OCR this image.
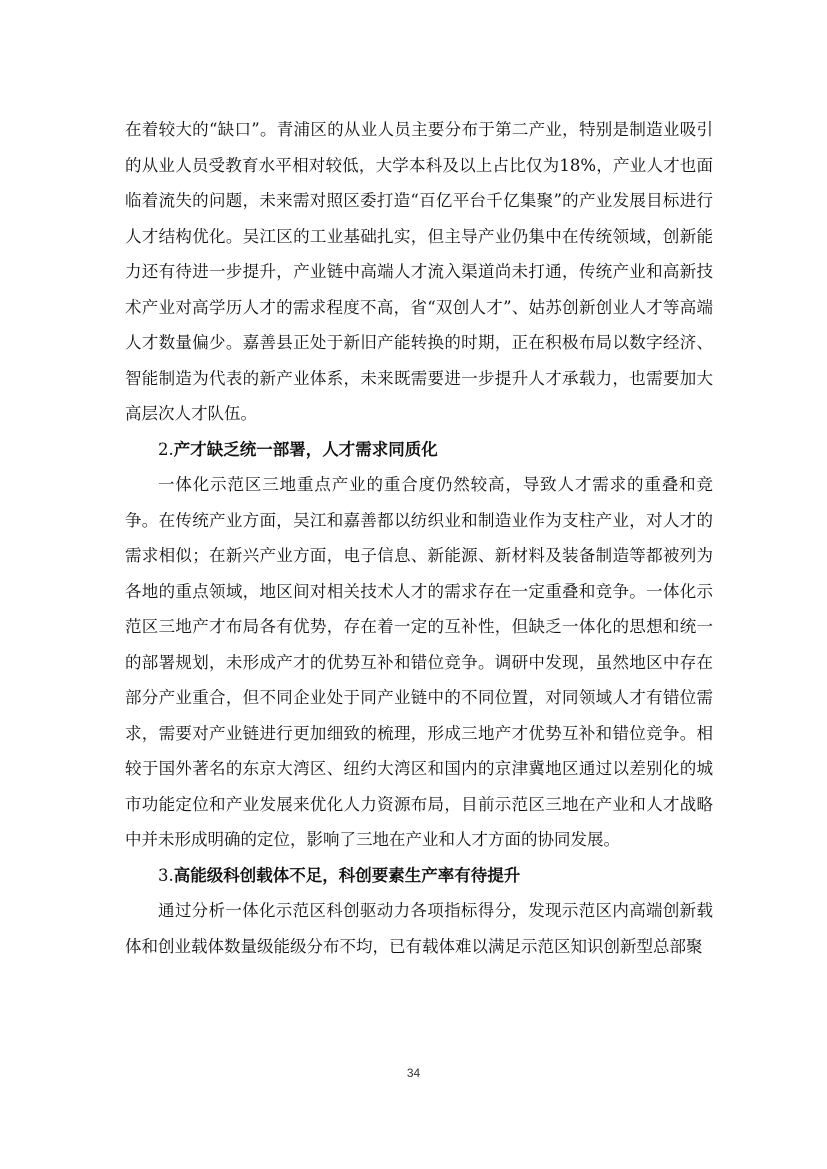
在着较大的“缺口”。青浦区的从业人员主要分布于第二产业，特别是制造业吸引的从业人员受教育水平相对较低，大学本科及以上占比仅为18%，产业人才也面临着流失的问题，未来需对照区委打造“百亿平台千亿集聚”的产业发展目标进行人才结构优化。吴江区的工业基础扎实，但主导产业仍集中在传统领域，创新能力还有待进一步提升，产业链中高端人才流入渠道尚未打通，传统产业和高新技术产业对高学历人才的需求程度不高，省“双创人才”、姑苏创新创业人才等高端人才数量偏少。嘉善县正处于新旧产能转换的时期，正在积极布局以数字经济、智能制造为代表的新产业体系，未来既需要进一步提升人才承载力，也需要加大高层次人才队伍。

2.产才缺乏统一部署，人才需求同质化

一体化示范区三地重点产业的重合度仍然较高，导致人才需求的重叠和竞争。在传统产业方面，吴江和嘉善都以纺织业和制造业作为支柱产业，对人才的需求相似；在新兴产业方面，电子信息、新能源、新材料及装备制造等都被列为各地的重点领域，地区间对相关技术人才的需求存在一定重叠和竞争。一体化示范区三地产才布局各有优势，存在着一定的互补性，但缺乏一体化的思想和统一的部署规划，未形成产才的优势互补和错位竞争。调研中发现，虽然地区中存在部分产业重合，但不同企业处于同产业链中的不同位置，对同领域人才有错位需求，需要对产业链进行更加细致的梳理，形成三地产才优势互补和错位竞争。相较于国外著名的东京大湾区、纽约大湾区和国内的京津冀地区通过以差别化的城市功能定位和产业发展来优化人力资源布局，目前示范区三地在产业和人才战略中并未形成明确的定位，影响了三地在产业和人才方面的协同发展。

3.高能级科创载体不足，科创要素生产率有待提升

通过分析一体化示范区科创驱动力各项指标得分，发现示范区内高端创新载体和创业载体数量级能级分布不均，已有载体难以满足示范区知识创新型总部聚

34
